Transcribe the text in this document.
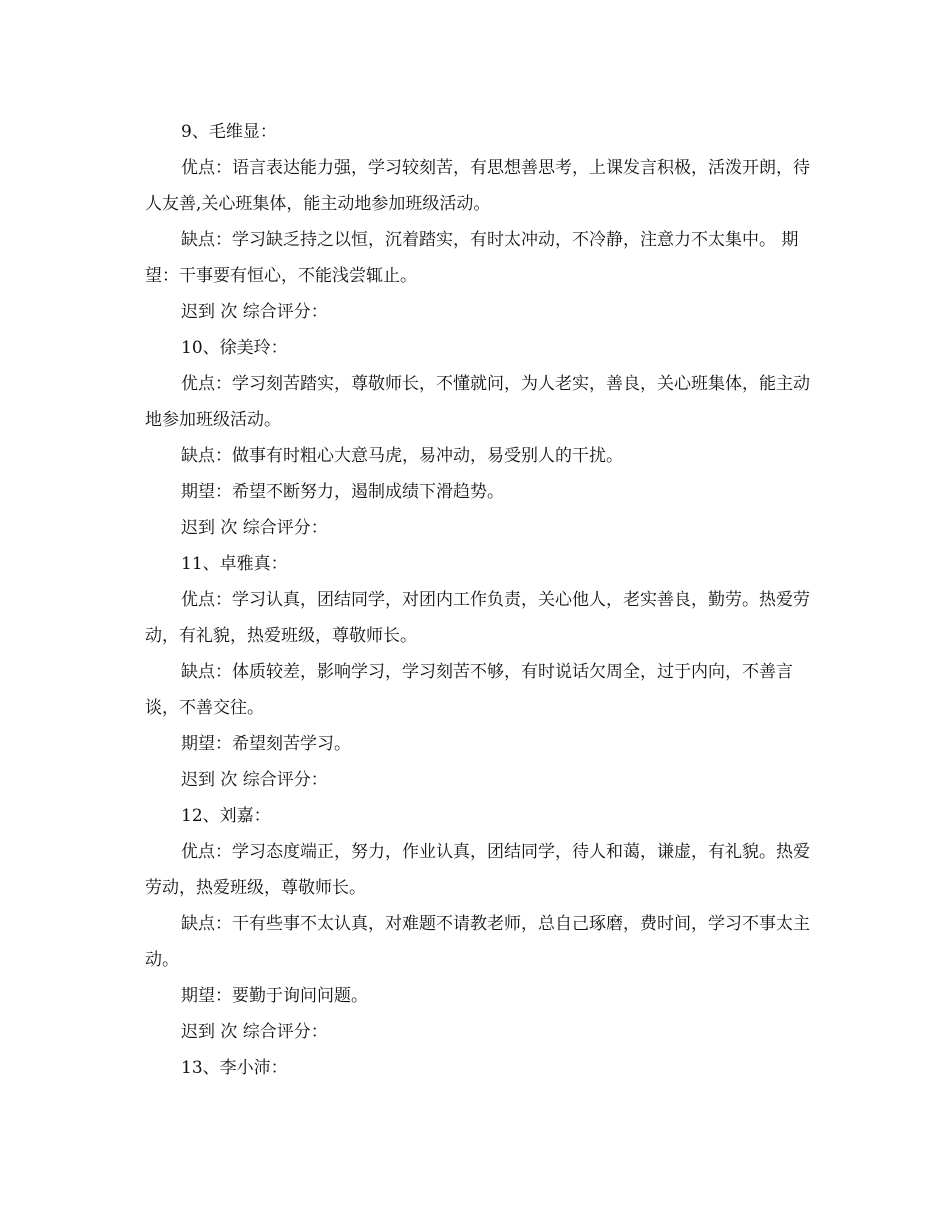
9、毛维显：

优点：语言表达能力强，学习较刻苦，有思想善思考，上课发言积极，活泼开朗，待人友善,关心班集体，能主动地参加班级活动。

缺点：学习缺乏持之以恒，沉着踏实，有时太冲动，不冷静，注意力不太集中。 期望：干事要有恒心，不能浅尝辄止。

迟到 次 综合评分：

10、徐美玲：

优点：学习刻苦踏实，尊敬师长，不懂就问，为人老实，善良，关心班集体，能主动地参加班级活动。

缺点：做事有时粗心大意马虎，易冲动，易受别人的干扰。

期望：希望不断努力，遏制成绩下滑趋势。

迟到 次 综合评分：

11、卓雅真：

优点：学习认真，团结同学，对团内工作负责，关心他人，老实善良，勤劳。热爱劳动，有礼貌，热爱班级，尊敬师长。

缺点：体质较差，影响学习，学习刻苦不够，有时说话欠周全，过于内向，不善言谈，不善交往。

期望：希望刻苦学习。

迟到 次 综合评分：

12、刘嘉：

优点：学习态度端正，努力，作业认真，团结同学，待人和蔼，谦虚，有礼貌。热爱劳动，热爱班级，尊敬师长。

缺点：干有些事不太认真，对难题不请教老师，总自己琢磨，费时间，学习不事太主动。

期望：要勤于询问问题。

迟到 次 综合评分：

13、李小沛：
